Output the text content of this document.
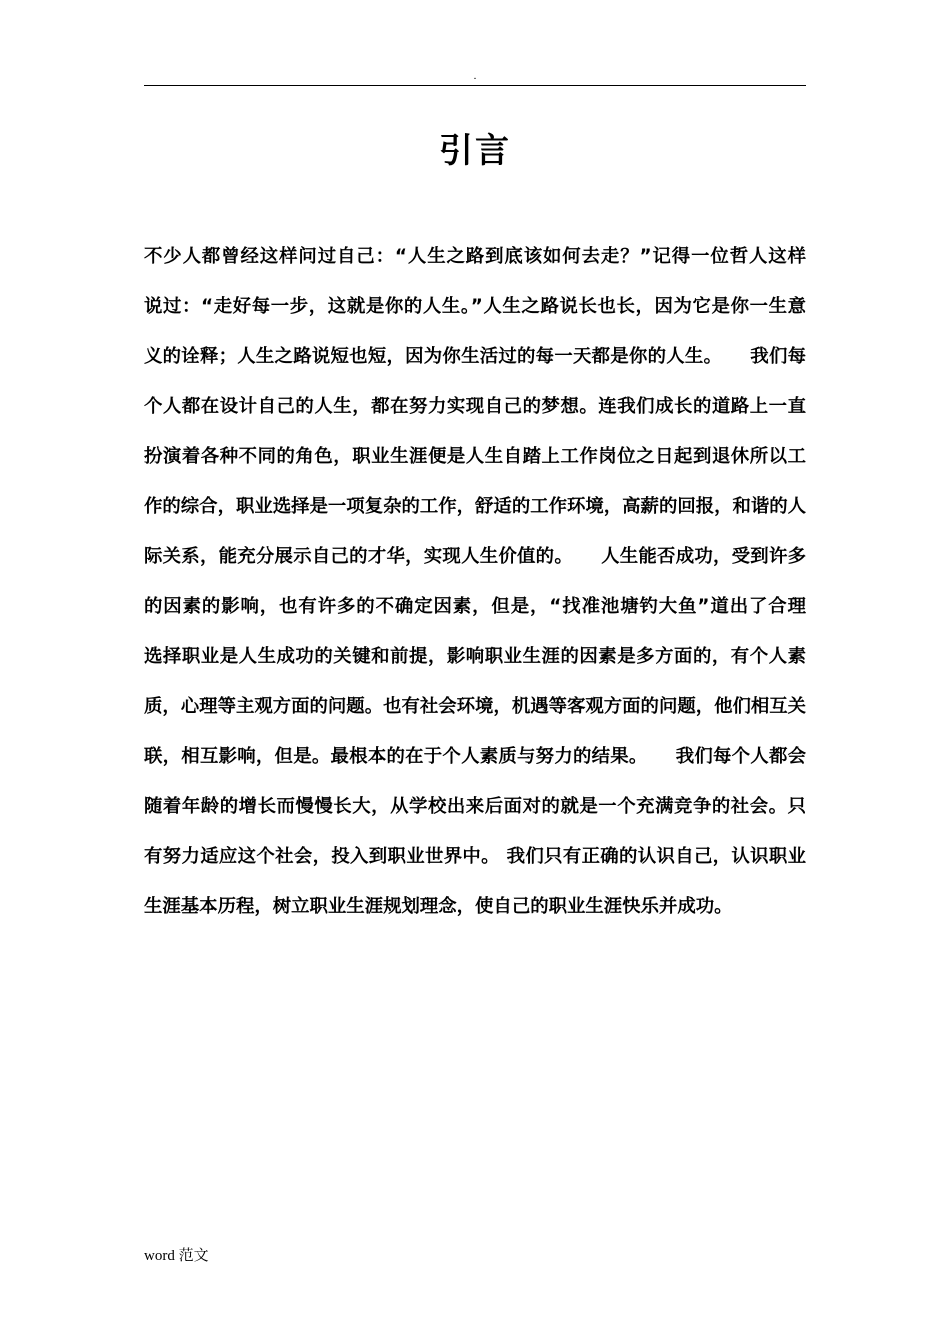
.
引言
不少人都曾经这样问过自己：“人生之路到底该如何去走？”记得一位哲人这样
说过：“走好每一步，这就是你的人生。”人生之路说长也长，因为它是你一生意
义的诠释；人生之路说短也短，因为你生活过的每一天都是你的人生。　　我们每
个人都在设计自己的人生，都在努力实现自己的梦想。连我们成长的道路上一直
扮演着各种不同的角色，职业生涯便是人生自踏上工作岗位之日起到退休所以工
作的综合，职业选择是一项复杂的工作，舒适的工作环境，高薪的回报，和谐的人
际关系，能充分展示自己的才华，实现人生价值的。　　人生能否成功，受到许多
的因素的影响，也有许多的不确定因素，但是，“找准池塘钓大鱼”道出了合理
选择职业是人生成功的关键和前提，影响职业生涯的因素是多方面的，有个人素
质，心理等主观方面的问题。也有社会环境，机遇等客观方面的问题，他们相互关
联，相互影响，但是。最根本的在于个人素质与努力的结果。　　我们每个人都会
随着年龄的增长而慢慢长大，从学校出来后面对的就是一个充满竞争的社会。只
有努力适应这个社会，投入到职业世界中。 我们只有正确的认识自己，认识职业
生涯基本历程，树立职业生涯规划理念，使自己的职业生涯快乐并成功。
word 范文
